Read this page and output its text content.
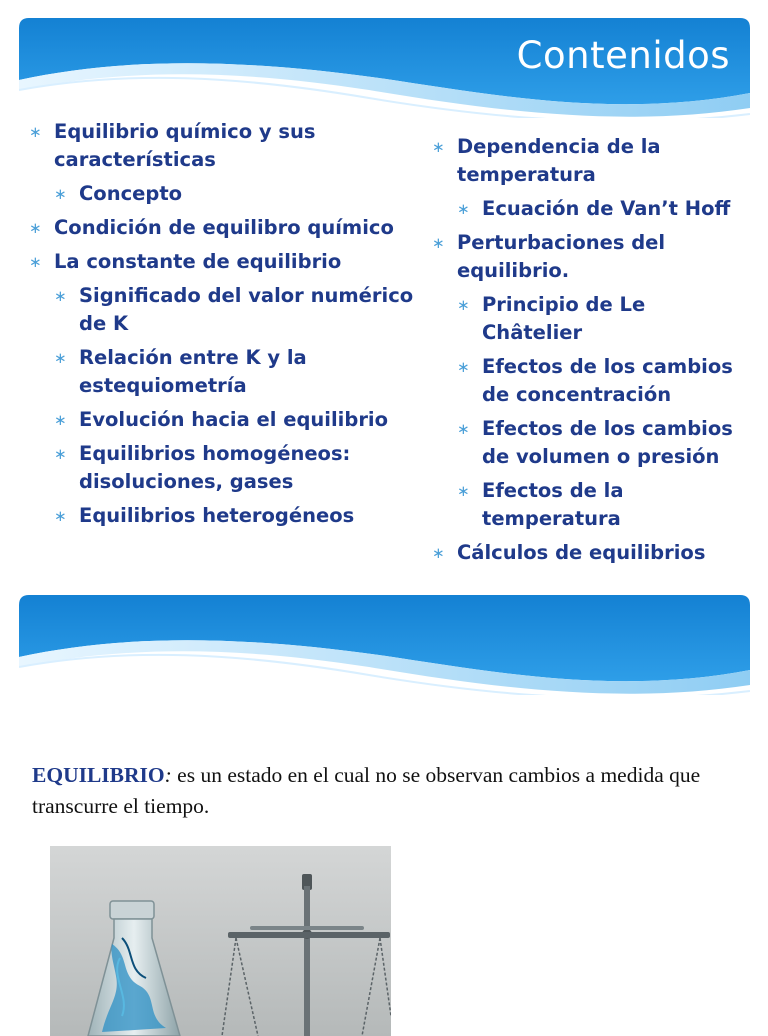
Contenidos
∗ Equilibrio químico y sus características
∗ Concepto
∗ Condición de equilibro químico
∗ La constante de equilibrio
∗ Significado del valor numérico de K
∗ Relación entre K y la estequiometría
∗ Evolución hacia el equilibrio
∗ Equilibrios homogéneos: disoluciones, gases
∗ Equilibrios heterogéneos
∗ Dependencia de la temperatura
∗ Ecuación de Van’t Hoff
∗ Perturbaciones del equilibrio.
∗ Principio de Le Châtelier
∗ Efectos de los cambios de concentración
∗ Efectos de los cambios de volumen o presión
∗ Efectos de la temperatura
∗ Cálculos de equilibrios

EQUILIBRIO: es un estado en el cual no se observan cambios a medida que transcurre el tiempo.
